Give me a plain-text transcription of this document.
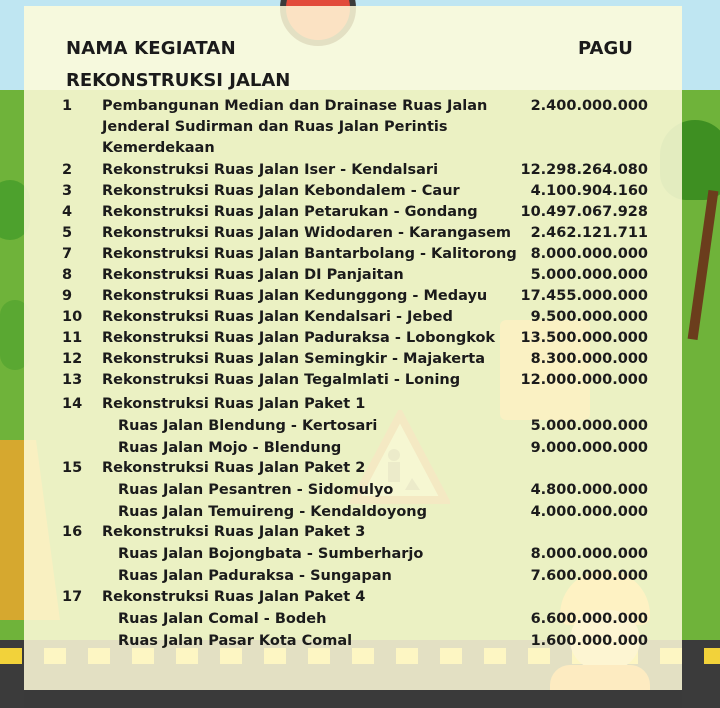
NAMA KEGIATAN
REKONSTRUKSI JALAN
PAGU
1 Pembangunan Median dan Drainase Ruas Jalan	2.400.000.000
Jenderal Sudirman dan Ruas Jalan Perintis
Kemerdekaan
2 Rekonstruksi Ruas Jalan Iser - Kendalsari	12.298.264.080
3 Rekonstruksi Ruas Jalan Kebondalem - Caur	4.100.904.160
4 Rekonstruksi Ruas Jalan Petarukan - Gondang	10.497.067.928
5 Rekonstruksi Ruas Jalan Widodaren - Karangasem 2.462.121.711
7 Rekonstruksi Ruas Jalan Bantarbolang - Kalitorong 8.000.000.000
8 Rekonstruksi Ruas Jalan DI Panjaitan	5.000.000.000
9 Rekonstruksi Ruas Jalan Kedunggong - Medayu 17.455.000.000
10 Rekonstruksi Ruas Jalan Kendalsari - Jebed	9.500.000.000
11 Rekonstruksi Ruas Jalan Paduraksa - Lobongkok 13.500.000.000
12 Rekonstruksi Ruas Jalan Semingkir - Majakerta	8.300.000.000
13 Rekonstruksi Ruas Jalan Tegalmlati - Loning	12.000.000.000
14 Rekonstruksi Ruas Jalan Paket 1
Ruas Jalan Blendung - Kertosari	5.000.000.000
Ruas Jalan Mojo - Blendung	9.000.000.000
15 Rekonstruksi Ruas Jalan Paket 2
Ruas Jalan Pesantren - Sidomulyo	4.800.000.000
Ruas Jalan Temuireng - Kendaldoyong	4.000.000.000
16 Rekonstruksi Ruas Jalan Paket 3
Ruas Jalan Bojongbata - Sumberharjo	8.000.000.000
Ruas Jalan Paduraksa - Sungapan	7.600.000.000
17 Rekonstruksi Ruas Jalan Paket 4
Ruas Jalan Comal - Bodeh	6.600.000.000
Ruas Jalan Pasar Kota Comal	1.600.000.000
